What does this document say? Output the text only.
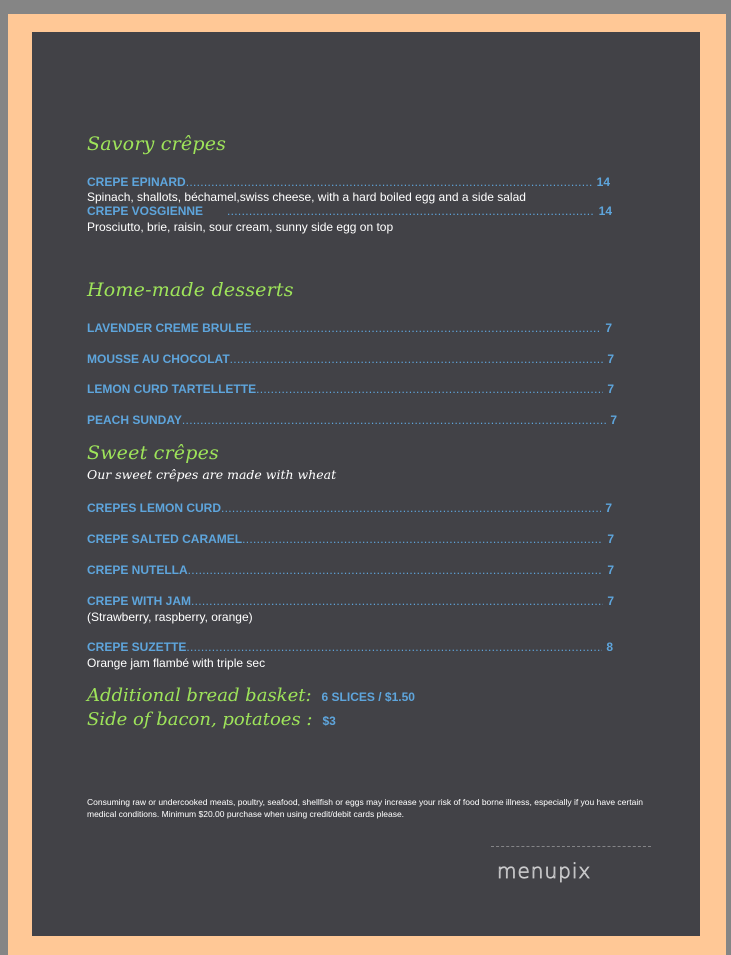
Savory crêpes
CREPE EPINARD .....	14
Spinach, shallots, béchamel,swiss cheese, with a hard boiled egg and a side salad
CREPE VOSGIENNE .....	14
Prosciutto, brie, raisin, sour cream, sunny side egg on top
Home-made desserts
LAVENDER CREME BRULEE .....	7
MOUSSE AU CHOCOLAT .....	7
LEMON CURD TARTELLETTE .....	7
PEACH SUNDAY .....	7
Sweet crêpes
Our sweet crêpes are made with wheat
CREPES LEMON CURD .....	7
CREPE SALTED CARAMEL .....	7
CREPE NUTELLA .....	7
CREPE WITH JAM .....	7
(Strawberry, raspberry, orange)
CREPE SUZETTE .....	8
Orange jam flambé with triple sec
Additional bread basket: 6 SLICES / $1.50
Side of bacon, potatoes : $3
Consuming raw or undercooked meats, poultry, seafood, shellfish or eggs may increase your risk of food borne illness, especially if you have certain medical conditions. Minimum $20.00 purchase when using credit/debit cards please.
menupix
